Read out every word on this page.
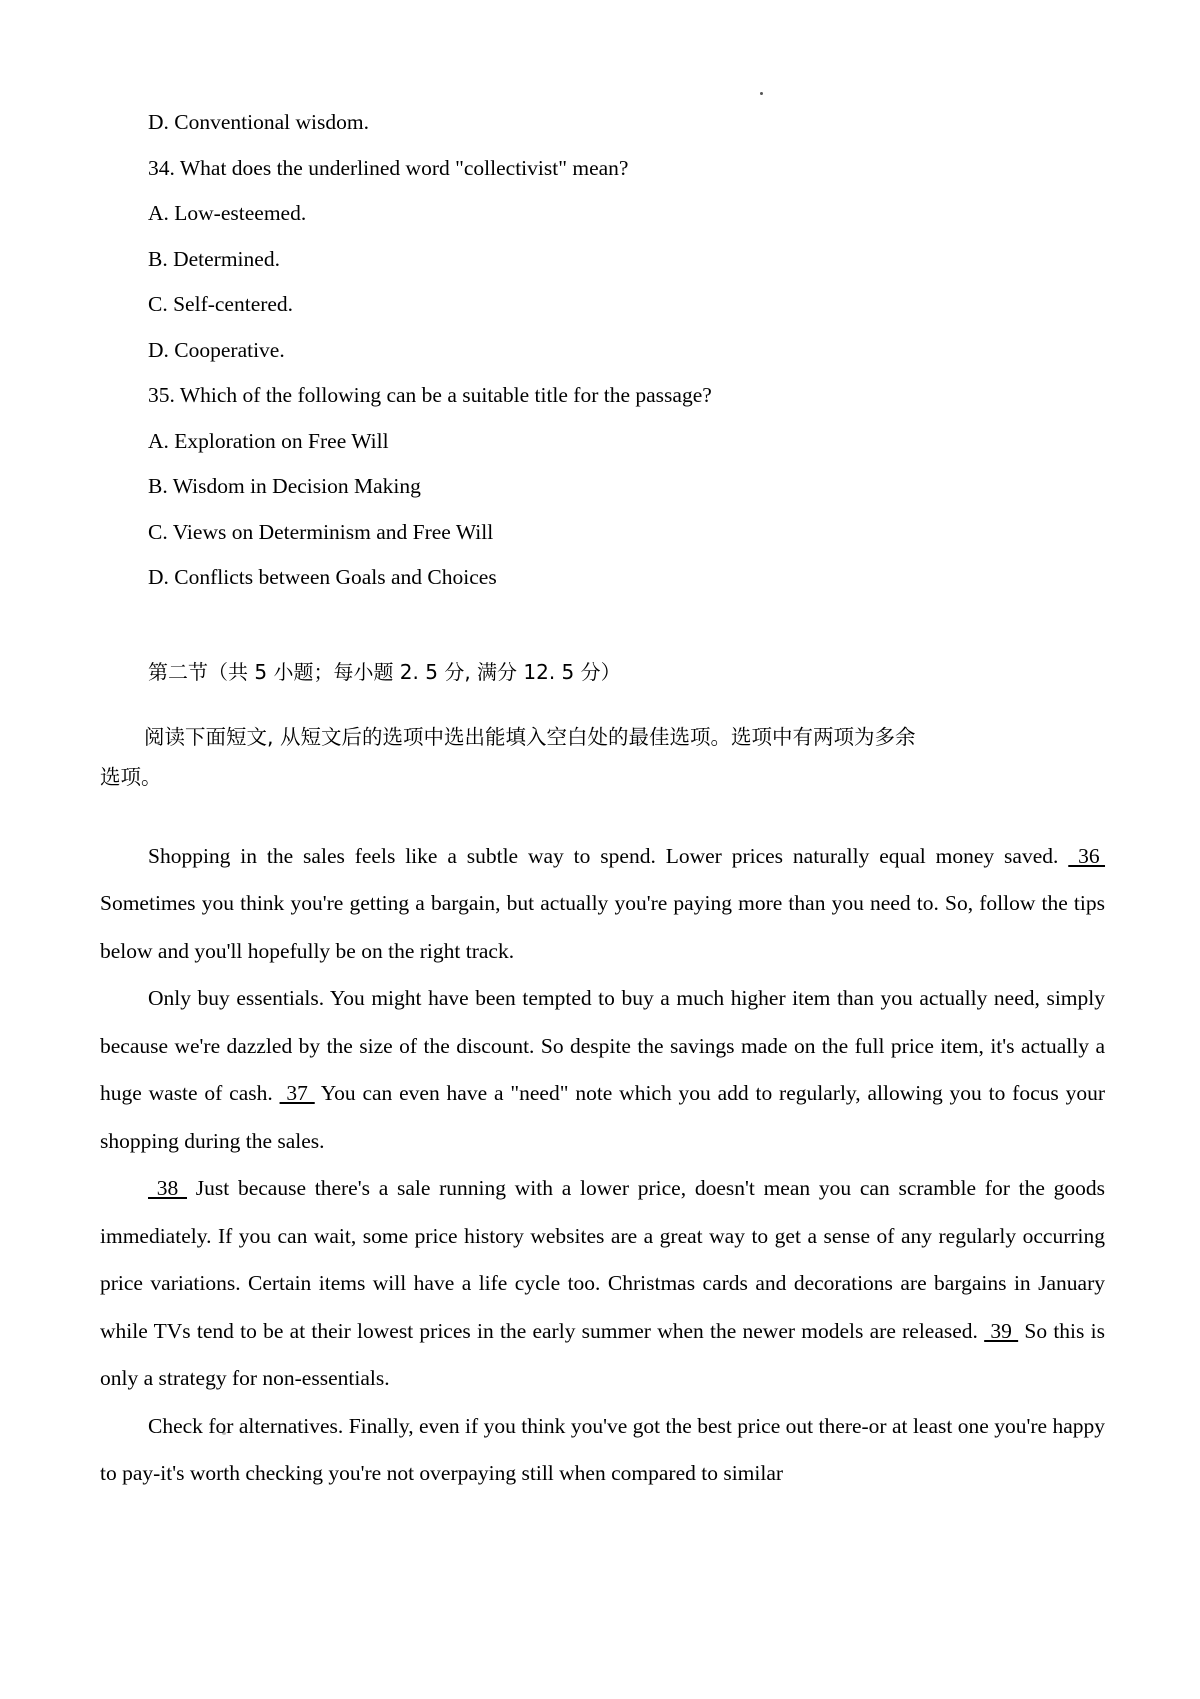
D. Conventional wisdom.

34. What does the underlined word "collectivist" mean?

A. Low-esteemed.

B. Determined.

C. Self-centered.

D. Cooperative.

35. Which of the following can be a suitable title for the passage?

A. Exploration on Free Will

B. Wisdom in Decision Making

C. Views on Determinism and Free Will

D. Conflicts between Goals and Choices

第二节（共 5 小题；每小题 2. 5 分, 满分 12. 5 分）

阅读下面短文, 从短文后的选项中选出能填入空白处的最佳选项。选项中有两项为多余

选项。

Shopping in the sales feels like a subtle way to spend. Lower prices naturally equal money saved.  36  Sometimes you think you're getting a bargain, but actually you're paying more than you need to. So, follow the tips below and you'll hopefully be on the right track.

Only buy essentials. You might have been tempted to buy a much higher item than you actually need, simply because we're dazzled by the size of the discount. So despite the savings made on the full price item, it's actually a huge waste of cash.  37  You can even have a "need" note which you add to regularly, allowing you to focus your shopping during the sales.

38  Just because there's a sale running with a lower price, doesn't mean you can scramble for the goods immediately. If you can wait, some price history websites are a great way to get a sense of any regularly occurring price variations. Certain items will have a life cycle too. Christmas cards and decorations are bargains in January while TVs tend to be at their lowest prices in the early summer when the newer models are released.  39  So this is only a strategy for non-essentials.

Check for alternatives. Finally, even if you think you've got the best price out there-or at least one you're happy to pay-it's worth checking you're not overpaying still when compared to similar
